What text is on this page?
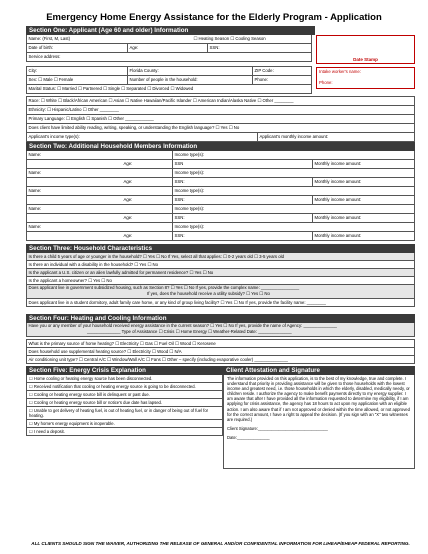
Emergency Home Energy Assistance for the Elderly Program - Application
Section One: Applicant (Age 60 and older) Information
Date Stamp
Intake worker's name:
Phone:
Name: (First, M, Last)	☐ Heating Season ☐ Cooling Season
Date of birth:	Age:	SSN:
Service address:
City:	Florida County:	ZIP Code:
Sex: ☐ Male ☐ Female	Number of people in the household:	Phone:
Marital Status: ☐ Married ☐ Partnered ☐ Single ☐ Separated ☐ Divorced ☐ Widowed
Race: ☐ White ☐ Black/African American ☐ Asian ☐ Native Hawaiian/Pacific Islander ☐ American Indian/Alaska Native ☐ Other ________
Ethnicity: ☐ Hispanic/Latino ☐ Other ________
Primary Language: ☐ English ☐ Spanish ☐ Other ____________
Does client have limited ability reading, writing, speaking, or understanding the English language? ☐ Yes ☐ No
Applicant's income type(s):	Applicant's monthly income amount:
Section Two: Additional Household Members Information
Name:	Income type(s):
Age:	SSN	Monthly income amount:
Name:	Income type(s):
Age:	SSN:	Monthly income amount:
Name:	Income type(s):
Age:	SSN:	Monthly income amount:
Name:	Income type(s):
Age:	SSN:	Monthly income amount:
Name:	Income type(s):
Age:	SSN:	Monthly income amount:
Section Three: Household Characteristics
Is there a child 5 years of age or younger in the household? ☐ Yes ☐ No If Yes, select all that applies: ☐ 0-2 years old ☐ 3-5 years old
Is there an individual with a disability in the household? ☐ Yes ☐ No
Is the applicant a U.S. citizen or an alien lawfully admitted for permanent residence? ☐ Yes ☐ No
Is the applicant a homeowner? ☐ Yes ☐ No
Does applicant live in government subsidized housing, such as Section 8? ☐ Yes ☐ No If yes, provide the complex name: ________________
If yes, does the household receive a utility subsidy? ☐ Yes ☐ No
Does applicant live in a student dormitory, adult family care home, or any kind of group living facility? ☐ Yes ☐ No If yes, provide the facility name: ________
Section Four: Heating and Cooling Information
Have you or any member of your household received energy assistance in the current season? ☐ Yes ☐ No If yes, provide the name of Agency: ______________
______________ Type of Assistance ☐ Crisis ☐ Home Energy ☐ Weather-Related Date: ______________
What is the primary source of home heating? ☐ Electricity ☐ Gas ☐ Fuel Oil ☐ Wood ☐ Kerosene
Does household use supplemental heating source? ☐ Electricity ☐ Wood ☐ N/A
Air conditioning unit type? ☐ Central A/C ☐ Window/Wall A/C ☐ Fans ☐ Other – specify (including evaporative cooler) ______________
Section Five: Energy Crisis Explanation
☐ Home cooling or heating energy source has been disconnected.
☐ Received notification that cooling or heating energy source is going to be disconnected.
☐ Cooling or heating energy source bill is delinquent or past due.
☐ Cooling or heating energy source bill or notice's due date has lapsed.
☐ Unable to get delivery of heating fuel, is out of heating fuel, or in danger of being out of fuel for heating.
☐ My home's energy equipment is inoperable.
☐ I need a deposit.
Client Attestation and Signature
The information provided on this application, is to the best of my knowledge, true and complete. I understand that priority in providing assistance will be given to those households with the lowest income and greatest need, i.e. those households in which the elderly, disabled, medically needy, or children reside. I authorize the agency to make benefit payments directly to my energy supplier. I am aware that after I have provided all the information requested to determine my eligibility, if I am applying for crisis assistance, the agency has 18 hours to act upon my application with an eligible action. I am also aware that if I am not approved or denied within the time allowed, or not approved for the correct amount, I have a right to appeal the decision. (If you sign with an "X" two witnesses are required.)
Client Signature:______________________________
Date:______________
ALL CLIENTS SHOULD SIGN THE WAIVER, AUTHORIZING THE RELEASE OF GENERAL AND/OR CONFIDENTIAL INFORMATION FOR LIHEAP/EHEAP FEDERAL REPORTING.
